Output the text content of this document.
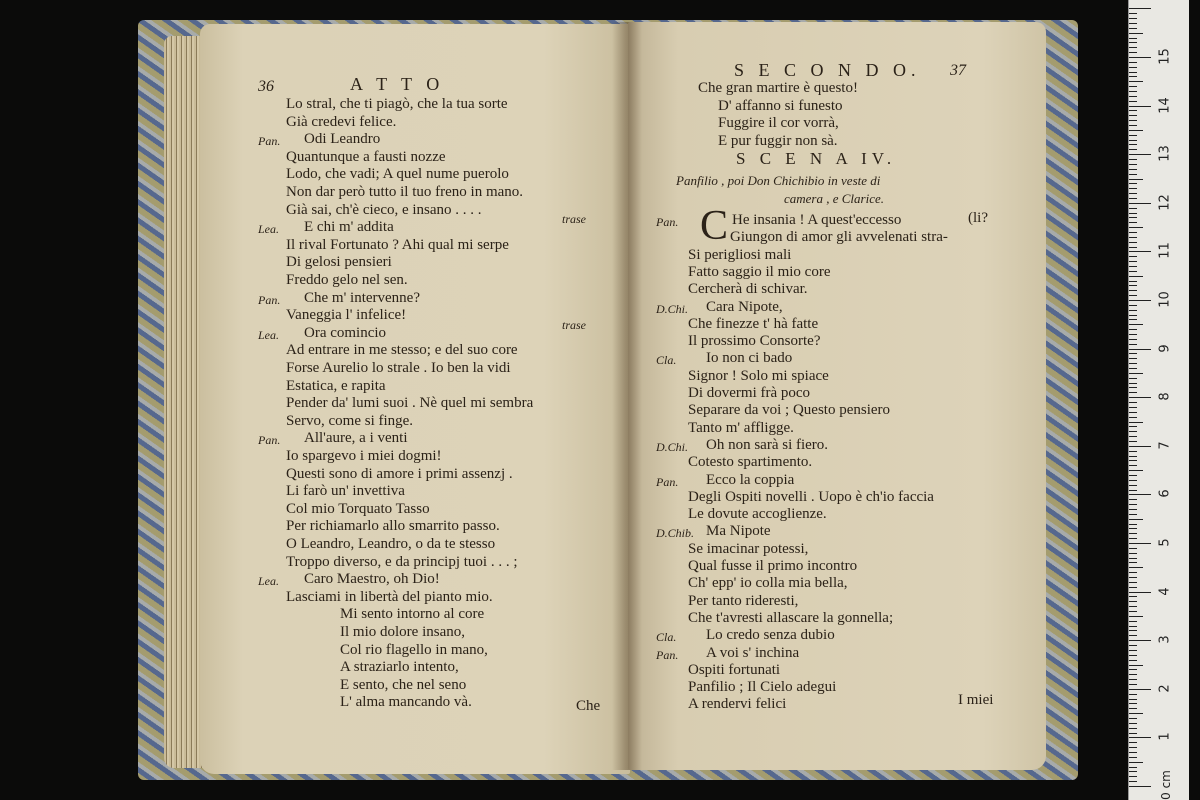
36	A T T O
Lo stral, che ti piagò, che la tua sorte
Già credevi felice.
Pan. Odi Leandro
Quantunque a fausti nozze
Lodo, che vadi; A quel nume puerolo
Non dar però tutto il tuo freno in mano.
Già sai, ch'è cieco, e insano . . . .
Lea. E chi m' addita	trase
Il rival Fortunato ? Ahi qual mi serpe
Di gelosi pensieri
Freddo gelo nel sen.
Pan. Che m' intervenne?
Vaneggia l' infelice!
Lea. Ora comincio	trase
Ad entrare in me stesso; e del suo core
Forse Aurelio lo strale . Io ben la vidi
Estatica, e rapita
Pender da' lumi suoi . Nè quel mi sembra
Servo, come si finge.
Pan. All'aure, a i venti
Io spargevo i miei dogmi!
Questi sono di amore i primi assenzj .
Li farò un' invettiva
Col mio Torquato Tasso
Per richiamarlo allo smarrito passo.
O Leandro, Leandro, o da te stesso
Troppo diverso, e da principj tuoi . . . ;
Lea. Caro Maestro, oh Dio!
Lasciami in libertà del pianto mio.
Mi sento intorno al core
Il mio dolore insano,
Col rio flagello in mano,
A straziarlo intento,
E sento, che nel seno
L' alma mancando và.	Che
S E C O N D O. 37
Che gran martire è questo!
D' affanno si funesto
Fuggire il cor vorrà,
E pur fuggir non sà.
S C E N A IV.
Panfilio , poi Don Chichibio in veste di
camera , e Clarice.
C
Pan.	He insania ! A quest'eccesso	(li?
Giungon di amor gli avvelenati stra-
Si perigliosi mali
Fatto saggio il mio core
Cercherà di schivar.
D.Chi. Cara Nipote,
Che finezze t' hà fatte
Il prossimo Consorte?
Cla. Io non ci bado
Signor ! Solo mi spiace
Di dovermi frà poco
Separare da voi ; Questo pensiero
Tanto m' affligge.
D.Chi. Oh non sarà si fiero.
Cotesto spartimento.
Pan. Ecco la coppia
Degli Ospiti novelli . Uopo è ch'io faccia
Le dovute accoglienze.
D.Chib. Ma Nipote
Se imacinar potessi,
Qual fusse il primo incontro
Ch' epp' io colla mia bella,
Per tanto rideresti,
Che t'avresti allascare la gonnella;
Cla. Lo credo senza dubio
Pan. A voi s' inchina
Ospiti fortunati
Panfilio ; Il Cielo adegui
A rendervi felici	I miei
0 cm
1
2
3
4
5
6
7
8
9
10
11
12
13
14
15
